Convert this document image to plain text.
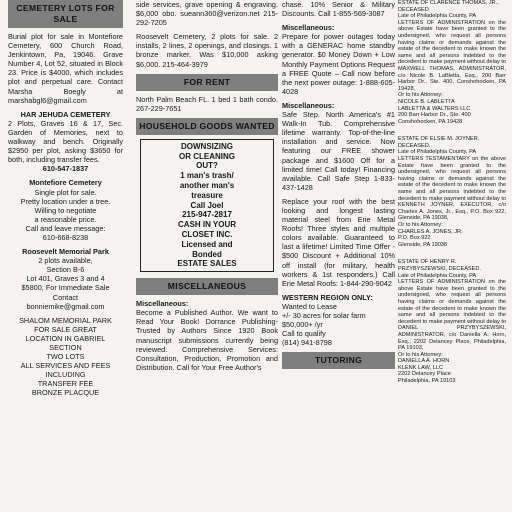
CEMETERY LOTS FOR SALE
Burial plot for sale in Montefiore Cemetery, 600 Church Road, Jenkintown, Pa, 19046. Grave Number 4, Lot 52, situated in Block 23. Price is $4000, which includes plot and perpetual care. Contact Marsha Boegly at marshabgl6@gmail.com
HAR JEHUDA CEMETERY
2 Plots, Graves 16 & 17, Sec. Garden of Memories, next to walkway and bench. Originally $2950 per plot, asking $3650 for both, including transfer fees.
610-547-1837
Montefiore Cemetery
Single plot for sale.
Pretty location under a tree.
Willing to negotiate
a reasonable price.
Call and leave message:
610-668-8238
Roosevelt Memorial Park
2 plots available,
Section B-6
Lot 401, Graves 3 and 4
$5800, For Immediate Sale
Contact
bonniemike@gmail.com
SHALOM MEMORIAL PARK
FOR SALE GREAT
LOCATION IN GABRIEL
SECTION
TWO LOTS
ALL SERVICES AND FEES
INCLUDING
TRANSFER FEE
BRONZE PLACQUE
side services, grave opening & engraving. $6,000 obo. sueann360@verizon.net 215-292-7205
Roosevelt Cemetery, 2 plots for sale. 2 installs, 2 lines, 2 openings, and closings. 1 bronze marker. Was $10,000 asking $6,000. 215-464-3979
FOR RENT
North Palm Beach FL. 1 bed 1 bath condo. 267-229-7651
HOUSEHOLD GOODS WANTED
DOWNSIZING
OR CLEANING
OUT?
1 man's trash/
another man's
treasure
Call Joel
215-947-2817
CASH IN YOUR
CLOSET INC.
Licensed and
Bonded
ESTATE SALES
MISCELLANEOUS
Miscellaneous:
Become a Published Author. We want to Read Your Book! Dorrance Publishing-Trusted by Authors Since 1920 Book manuscript submissions currently being reviewed. Comprehensive Services: Consultation, Production, Promotion and Distribution. Call for Your Free Author's
chase. 10% Senior & Military Discounts. Call 1-855-569-3087
Miscellaneous:
Prepare for power outages today with a GENERAC home standby generator. $0 Money Down + Low Monthly Payment Options Request a FREE Quote – Call now before the next power outage: 1-888-605-4028
Miscellaneous:
Safe Step. North America's #1 Walk-In Tub. Comprehensive lifetime warranty. Top-of-the-line installation and service. Now featuring our FREE shower package and $1600 Off for a limited time! Call today! Financing available. Call Safe Step 1-833-437-1428
Replace your roof with the best looking and longest lasting material steel from Erie Metal Roofs! Three styles and multiple colors available. Guaranteed to last a lifetime! Limited Time Offer - $500 Discount + Additional 10% off install (for military, health workers & 1st responders.) Call Erie Metal Roofs: 1-844-290-9042
WESTERN REGION ONLY:
Wanted to Lease
+/- 30 acres for solar farm
$50,000+ /yr
Call to qualify
(814) 941-8798
TUTORING
ESTATE OF CLARENCE THOMAS, JR., DECEASED
Late of Philadelphia County, PA
LETTERS OF ADMINISTRATION on the above Estate have been granted to the undersigned, who request all persons having claims or demands against the estate of the decedent to make known the same and all persons indebted to the decedent to make payment without delay to MAXWELL THOMAS, ADMINISTRATOR, c/o Nicole B. LaBletta, Esq., 200 Barr Harbor Dr., Ste. 400, Conshohocken, PA 19428,
Or to his Attorney:
NICOLE B. LABLETTA
LABLETTA & WALTERS LLC
200 Barr Harbor Dr., Ste. 400
Conshohocken, PA 19428
ESTATE OF ELSIE M. JOYNER, DECEASED.
Late of Philadelphia County, PA
LETTERS TESTAMENTARY on the above Estate have been granted to the undersigned, who request all persons having claims or demands against the estate of the decedent to make known the same and all persons indebted to the decedent to make payment without delay to KENNETH JOYNER, EXECUTOR, c/o Charles A. Jones, Jr., Esq., P.O. Box 922, Glenside, PA 19038,
Or to his Attorney:
CHARLES A. JONES, JR.
P.O. Box 922
Glenside, PA 19038
ESTATE OF HENRY R. PRZYBYSZEWSKI, DECEASED.
Late of Philadelphia County, PA
LETTERS OF ADMINISTRATION on the above Estate have been granted to the undersigned, who request all persons having claims or demands against the estate of the decedent to make known the same and all persons indebted to the decedent to make payment without delay to DANIEL PRZYBYSZEWSKI, ADMINISTRATOR, c/o Daniella A. Horn, Esq., 2202 Delancey Place, Philadelphia, PA 19103,
Or to his Attorney:
DANIELLA A. HORN
KLENK LAW, LLC
2202 Delancey Place
Philadelphia, PA 19103
